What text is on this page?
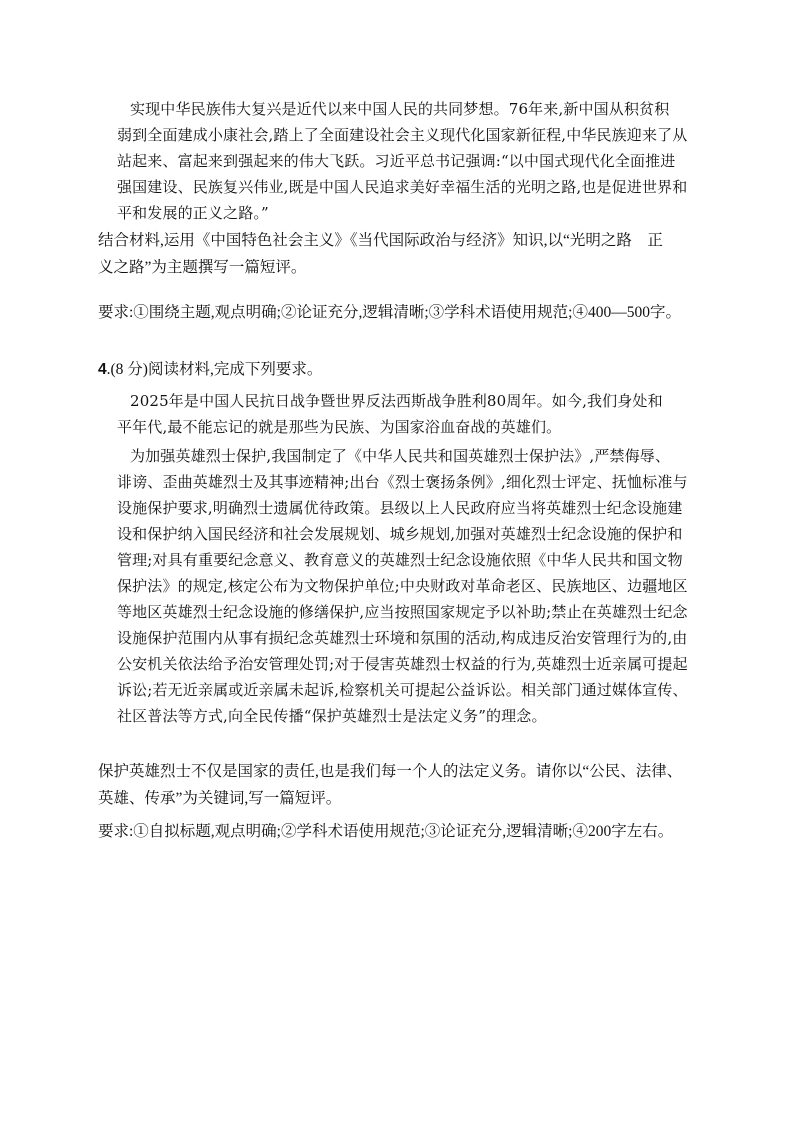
实现中华民族伟大复兴是近代以来中国人民的共同梦想。76年来,新中国从积贫积
弱到全面建成小康社会,踏上了全面建设社会主义现代化国家新征程,中华民族迎来了从
站起来、富起来到强起来的伟大飞跃。习近平总书记强调:“以中国式现代化全面推进
强国建设、民族复兴伟业,既是中国人民追求美好幸福生活的光明之路,也是促进世界和
平和发展的正义之路。”
结合材料,运用《中国特色社会主义》《当代国际政治与经济》知识,以“光明之路　正
义之路”为主题撰写一篇短评。
要求:①围绕主题,观点明确;②论证充分,逻辑清晰;③学科术语使用规范;④400—500字。
4.(8 分)阅读材料,完成下列要求。
2025年是中国人民抗日战争暨世界反法西斯战争胜利80周年。如今,我们身处和
平年代,最不能忘记的就是那些为民族、为国家浴血奋战的英雄们。
为加强英雄烈士保护,我国制定了《中华人民共和国英雄烈士保护法》,严禁侮辱、
诽谤、歪曲英雄烈士及其事迹精神;出台《烈士褒扬条例》,细化烈士评定、抚恤标准与
设施保护要求,明确烈士遗属优待政策。县级以上人民政府应当将英雄烈士纪念设施建
设和保护纳入国民经济和社会发展规划、城乡规划,加强对英雄烈士纪念设施的保护和
管理;对具有重要纪念意义、教育意义的英雄烈士纪念设施依照《中华人民共和国文物
保护法》的规定,核定公布为文物保护单位;中央财政对革命老区、民族地区、边疆地区
等地区英雄烈士纪念设施的修缮保护,应当按照国家规定予以补助;禁止在英雄烈士纪念
设施保护范围内从事有损纪念英雄烈士环境和氛围的活动,构成违反治安管理行为的,由
公安机关依法给予治安管理处罚;对于侵害英雄烈士权益的行为,英雄烈士近亲属可提起
诉讼;若无近亲属或近亲属未起诉,检察机关可提起公益诉讼。相关部门通过媒体宣传、
社区普法等方式,向全民传播“保护英雄烈士是法定义务”的理念。
保护英雄烈士不仅是国家的责任,也是我们每一个人的法定义务。请你以“公民、法律、
英雄、传承”为关键词,写一篇短评。
要求:①自拟标题,观点明确;②学科术语使用规范;③论证充分,逻辑清晰;④200字左右。
